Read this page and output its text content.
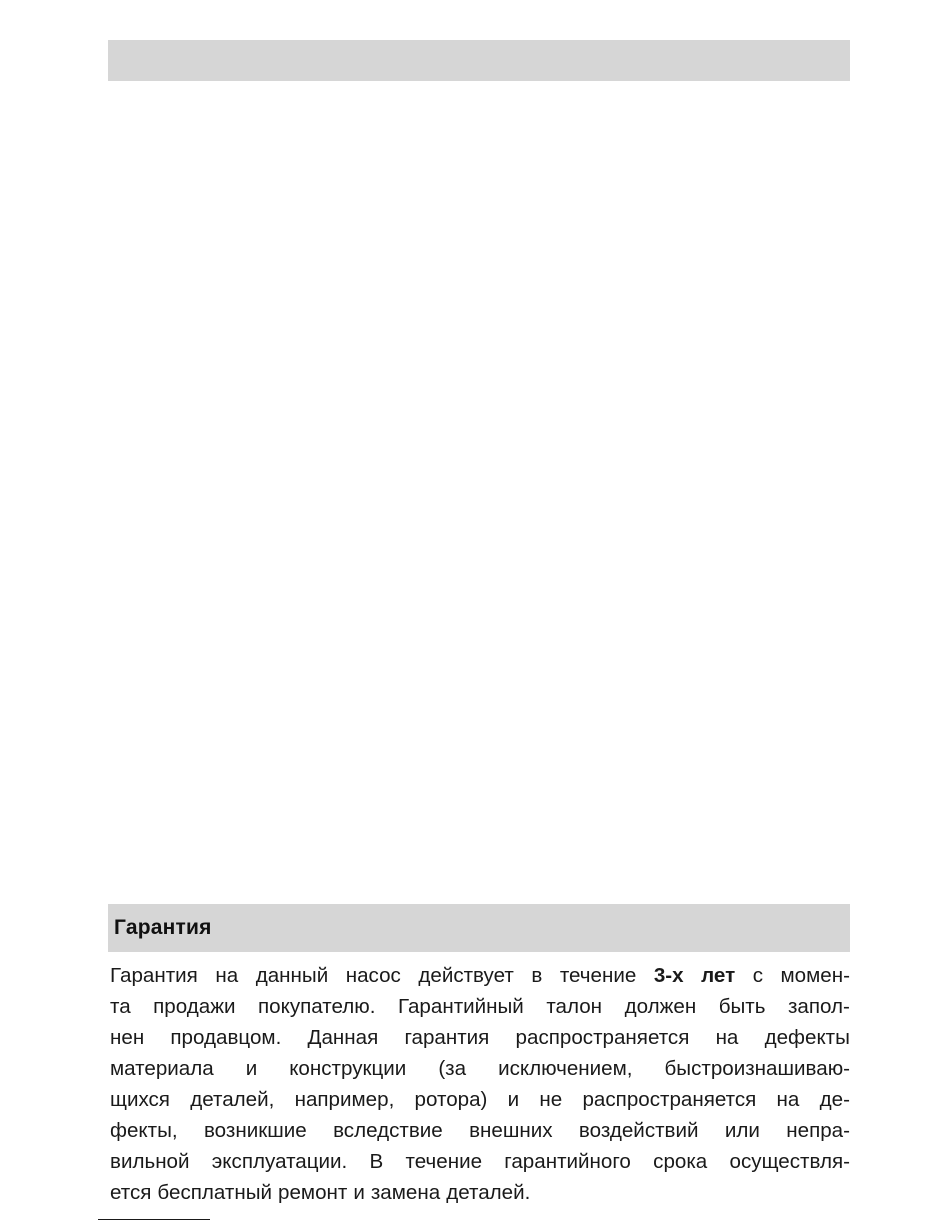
Гарантия
Гарантия на данный насос действует в течение 3-х лет с момен-
та продажи покупателю. Гарантийный талон должен быть запол-
нен продавцом. Данная гарантия распространяется на дефекты
материала и конструкции (за исключением, быстроизнашиваю-
щихся деталей, например, ротора) и не распространяется на де-
фекты, возникшие вследствие внешних воздействий или непра-
вильной эксплуатации. В течение гарантийного срока осуществля-
ется бесплатный ремонт и замена деталей.
